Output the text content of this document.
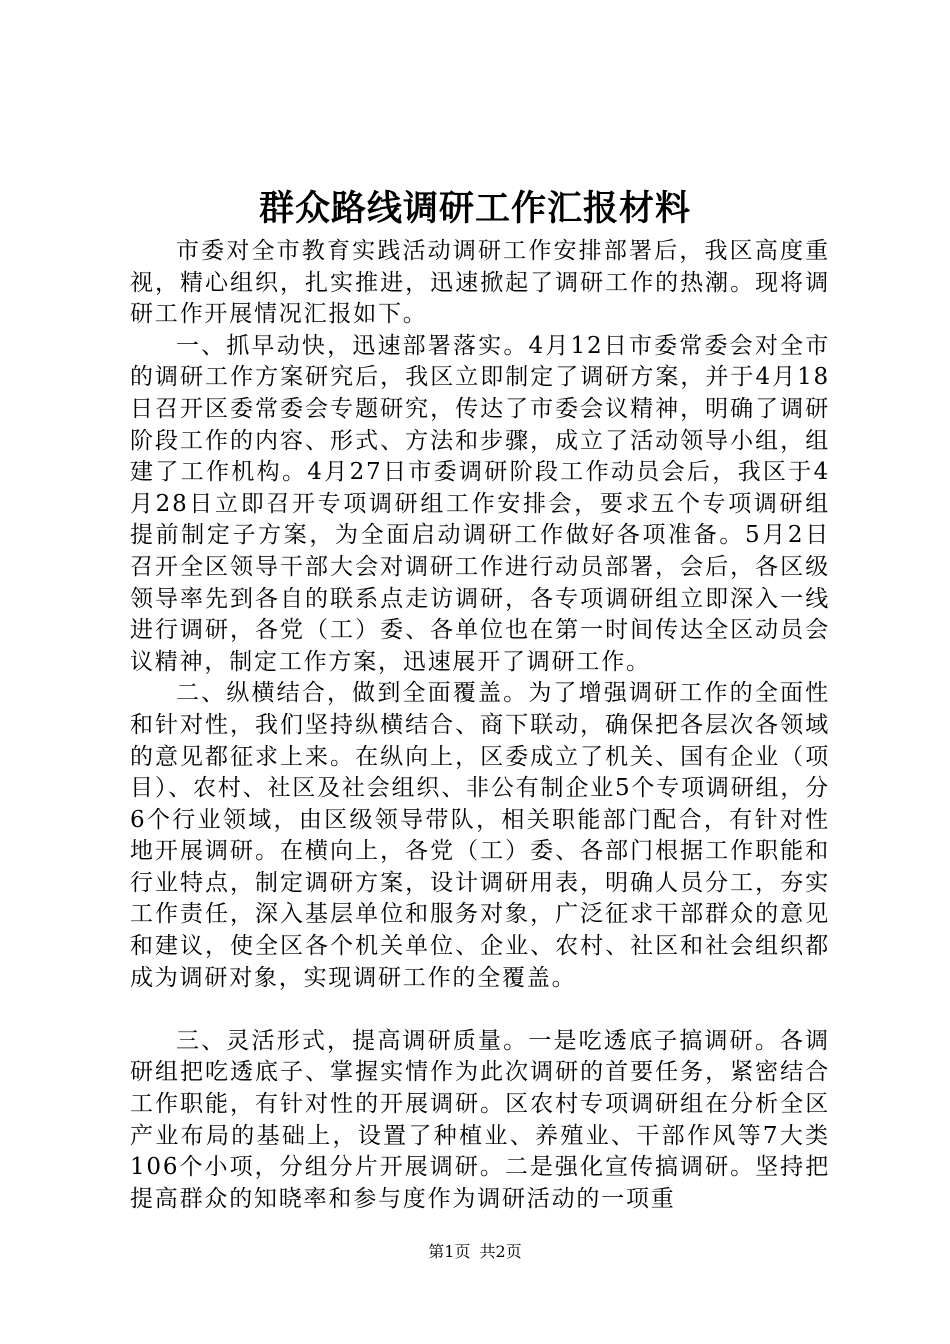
群众路线调研工作汇报材料

市委对全市教育实践活动调研工作安排部署后，我区高度重视，精心组织，扎实推进，迅速掀起了调研工作的热潮。现将调研工作开展情况汇报如下。

一、抓早动快，迅速部署落实。4月12日市委常委会对全市的调研工作方案研究后，我区立即制定了调研方案，并于4月18日召开区委常委会专题研究，传达了市委会议精神，明确了调研阶段工作的内容、形式、方法和步骤，成立了活动领导小组，组建了工作机构。4月27日市委调研阶段工作动员会后，我区于4月28日立即召开专项调研组工作安排会，要求五个专项调研组提前制定子方案，为全面启动调研工作做好各项准备。5月2日召开全区领导干部大会对调研工作进行动员部署，会后，各区级领导率先到各自的联系点走访调研，各专项调研组立即深入一线进行调研，各党（工）委、各单位也在第一时间传达全区动员会议精神，制定工作方案，迅速展开了调研工作。

二、纵横结合，做到全面覆盖。为了增强调研工作的全面性和针对性，我们坚持纵横结合、商下联动，确保把各层次各领域的意见都征求上来。在纵向上，区委成立了机关、国有企业（项目）、农村、社区及社会组织、非公有制企业5个专项调研组，分6个行业领域，由区级领导带队，相关职能部门配合，有针对性地开展调研。在横向上，各党（工）委、各部门根据工作职能和行业特点，制定调研方案，设计调研用表，明确人员分工，夯实工作责任，深入基层单位和服务对象，广泛征求干部群众的意见和建议，使全区各个机关单位、企业、农村、社区和社会组织都成为调研对象，实现调研工作的全覆盖。

三、灵活形式，提高调研质量。一是吃透底子搞调研。各调研组把吃透底子、掌握实情作为此次调研的首要任务，紧密结合工作职能，有针对性的开展调研。区农村专项调研组在分析全区产业布局的基础上，设置了种植业、养殖业、干部作风等7大类106个小项，分组分片开展调研。二是强化宣传搞调研。坚持把提高群众的知晓率和参与度作为调研活动的一项重

第1页 共2页
